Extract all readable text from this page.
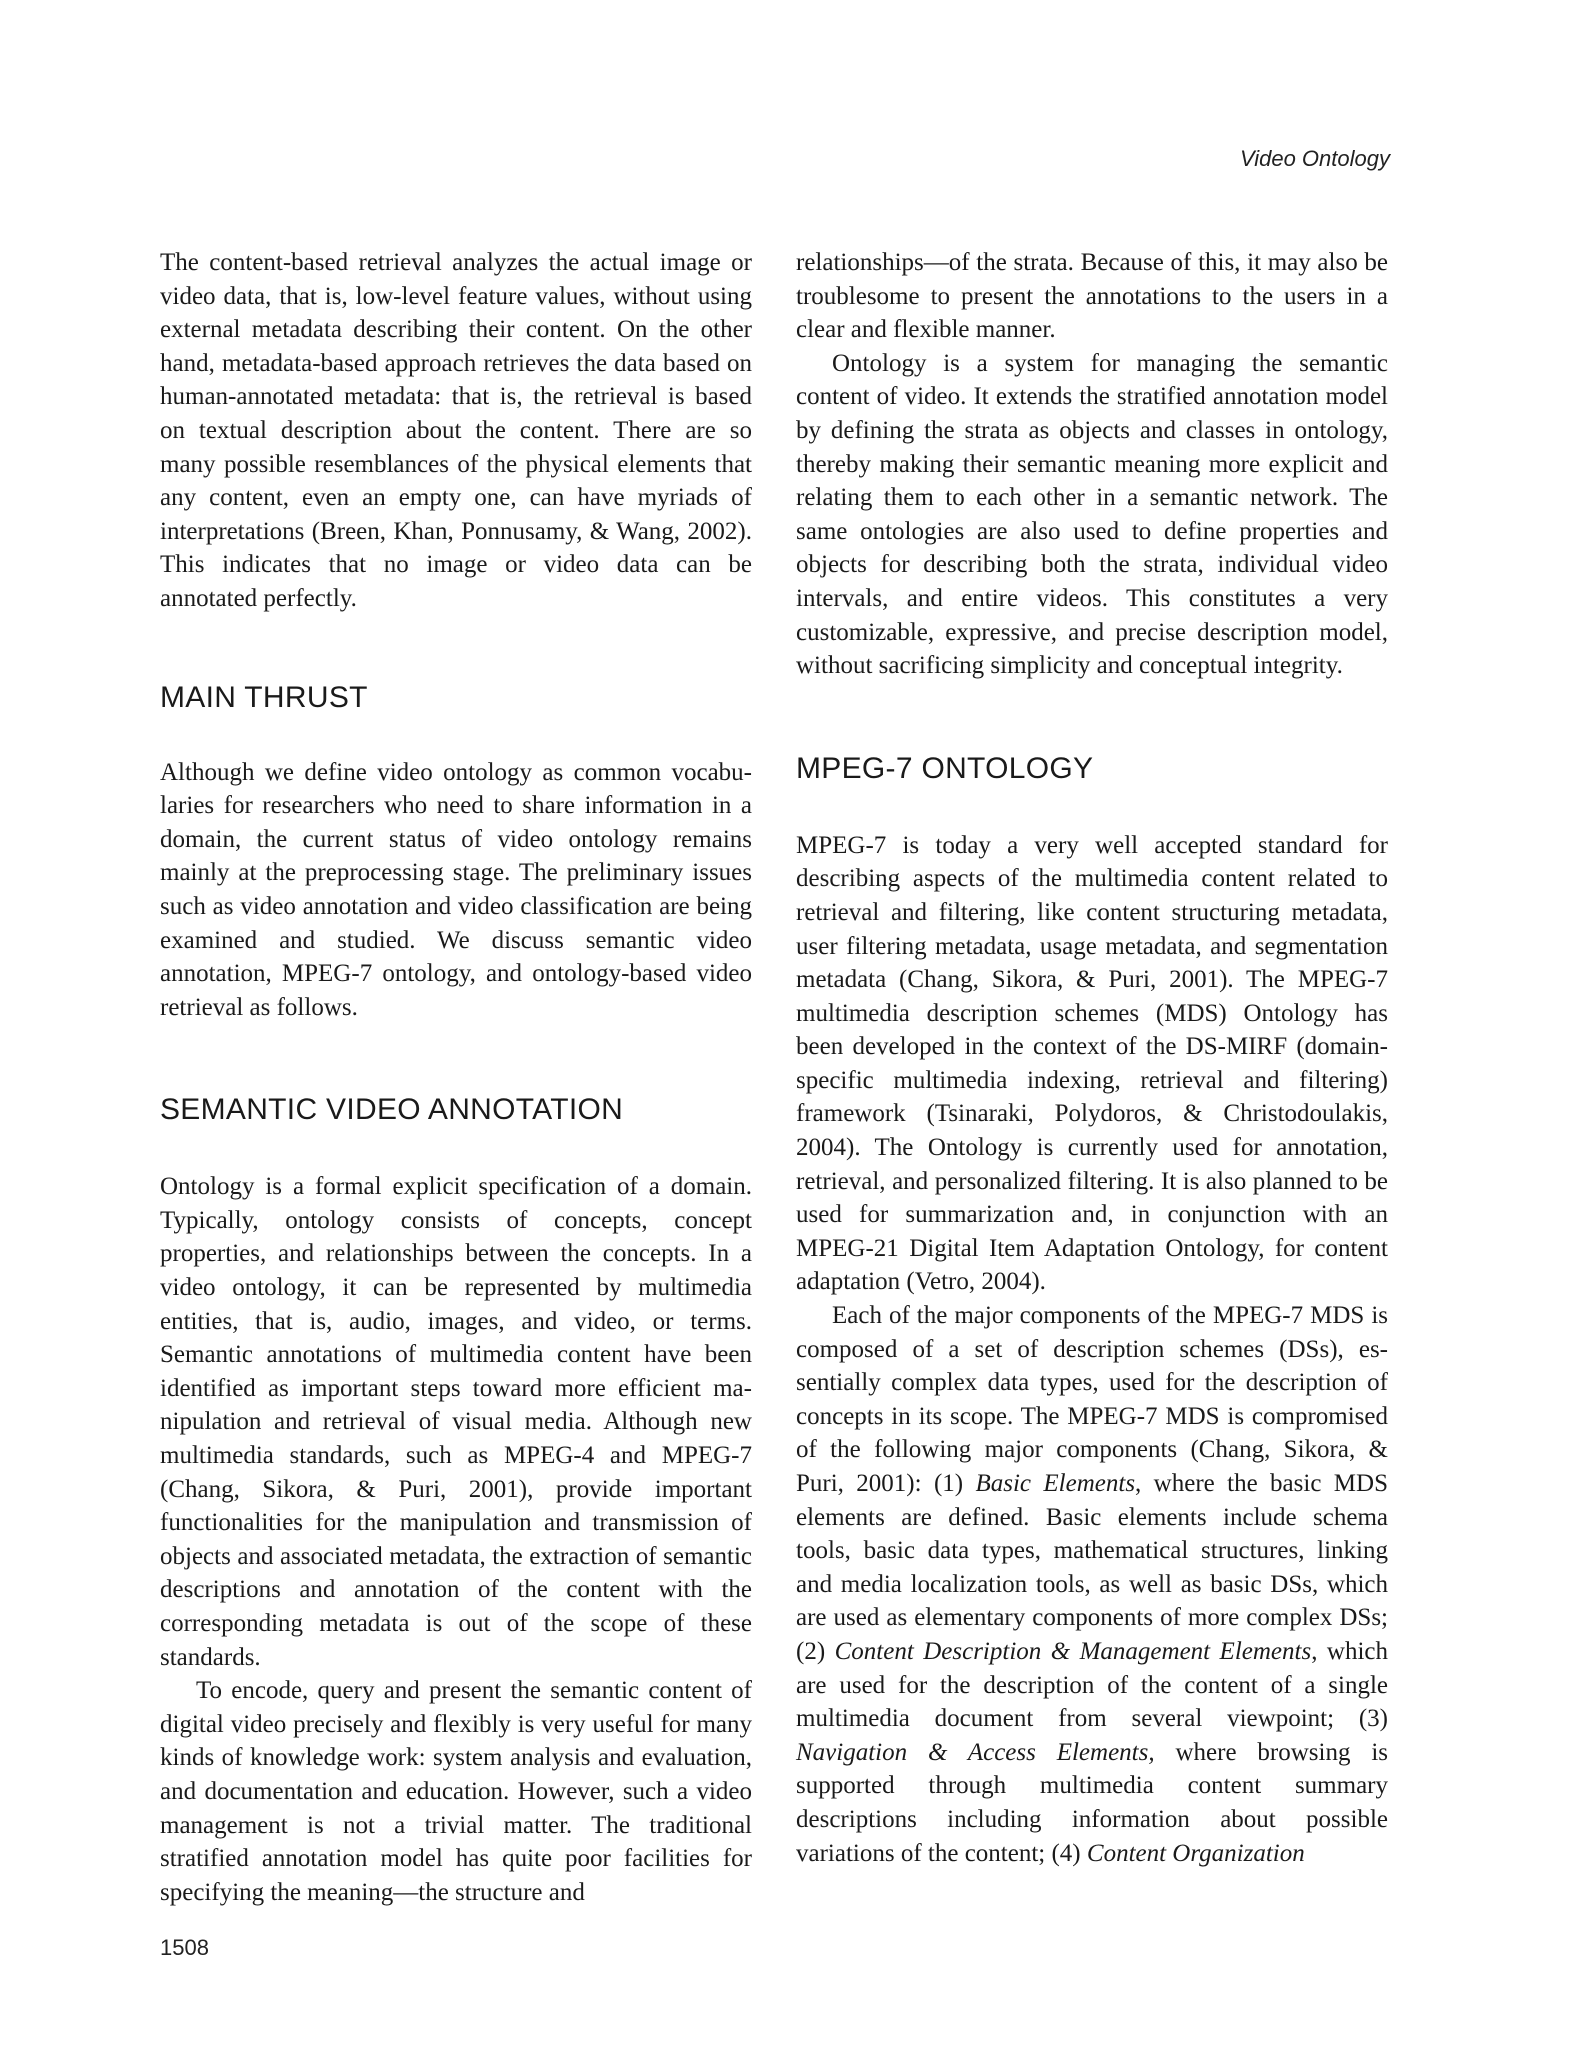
Video Ontology

The content-based retrieval analyzes the actual image or video data, that is, low-level feature values, without using external metadata describing their content. On the other hand, metadata-based approach retrieves the data based on human-annotated metadata: that is, the retrieval is based on textual description about the content. There are so many possible resemblances of the physical elements that any content, even an empty one, can have myriads of interpretations (Breen, Khan, Ponnusamy, & Wang, 2002). This indicates that no image or video data can be annotated perfectly.

MAIN THRUST

Although we define video ontology as common vocabularies for researchers who need to share information in a domain, the current status of video ontology remains mainly at the preprocessing stage. The preliminary issues such as video annotation and video classification are being examined and studied. We discuss semantic video annotation, MPEG-7 ontology, and ontology-based video retrieval as follows.

SEMANTIC VIDEO ANNOTATION

Ontology is a formal explicit specification of a domain. Typically, ontology consists of concepts, concept properties, and relationships between the concepts. In a video ontology, it can be represented by multimedia entities, that is, audio, images, and video, or terms. Semantic annotations of multimedia content have been identified as important steps toward more efficient manipulation and retrieval of visual media. Although new multimedia standards, such as MPEG-4 and MPEG-7 (Chang, Sikora, & Puri, 2001), provide important functionalities for the manipulation and transmission of objects and associated metadata, the extraction of semantic descriptions and annotation of the content with the corresponding metadata is out of the scope of these standards.

To encode, query and present the semantic content of digital video precisely and flexibly is very useful for many kinds of knowledge work: system analysis and evaluation, and documentation and education. However, such a video management is not a trivial matter. The traditional stratified annotation model has quite poor facilities for specifying the meaning—the structure and

relationships—of the strata. Because of this, it may also be troublesome to present the annotations to the users in a clear and flexible manner.

Ontology is a system for managing the semantic content of video. It extends the stratified annotation model by defining the strata as objects and classes in ontology, thereby making their semantic meaning more explicit and relating them to each other in a semantic network. The same ontologies are also used to define properties and objects for describing both the strata, individual video intervals, and entire videos. This constitutes a very customizable, expressive, and precise description model, without sacrificing simplicity and conceptual integrity.

MPEG-7 ONTOLOGY

MPEG-7 is today a very well accepted standard for describing aspects of the multimedia content related to retrieval and filtering, like content structuring metadata, user filtering metadata, usage metadata, and segmentation metadata (Chang, Sikora, & Puri, 2001). The MPEG-7 multimedia description schemes (MDS) Ontology has been developed in the context of the DS-MIRF (domain-specific multimedia indexing, retrieval and filtering) framework (Tsinaraki, Polydoros, & Christodoulakis, 2004). The Ontology is currently used for annotation, retrieval, and personalized filtering. It is also planned to be used for summarization and, in conjunction with an MPEG-21 Digital Item Adaptation Ontology, for content adaptation (Vetro, 2004).

Each of the major components of the MPEG-7 MDS is composed of a set of description schemes (DSs), essentially complex data types, used for the description of concepts in its scope. The MPEG-7 MDS is compromised of the following major components (Chang, Sikora, & Puri, 2001): (1) Basic Elements, where the basic MDS elements are defined. Basic elements include schema tools, basic data types, mathematical structures, linking and media localization tools, as well as basic DSs, which are used as elementary components of more complex DSs; (2) Content Description & Management Elements, which are used for the description of the content of a single multimedia document from several viewpoint; (3) Navigation & Access Elements, where browsing is supported through multimedia content summary descriptions including information about possible variations of the content; (4) Content Organization

1508
